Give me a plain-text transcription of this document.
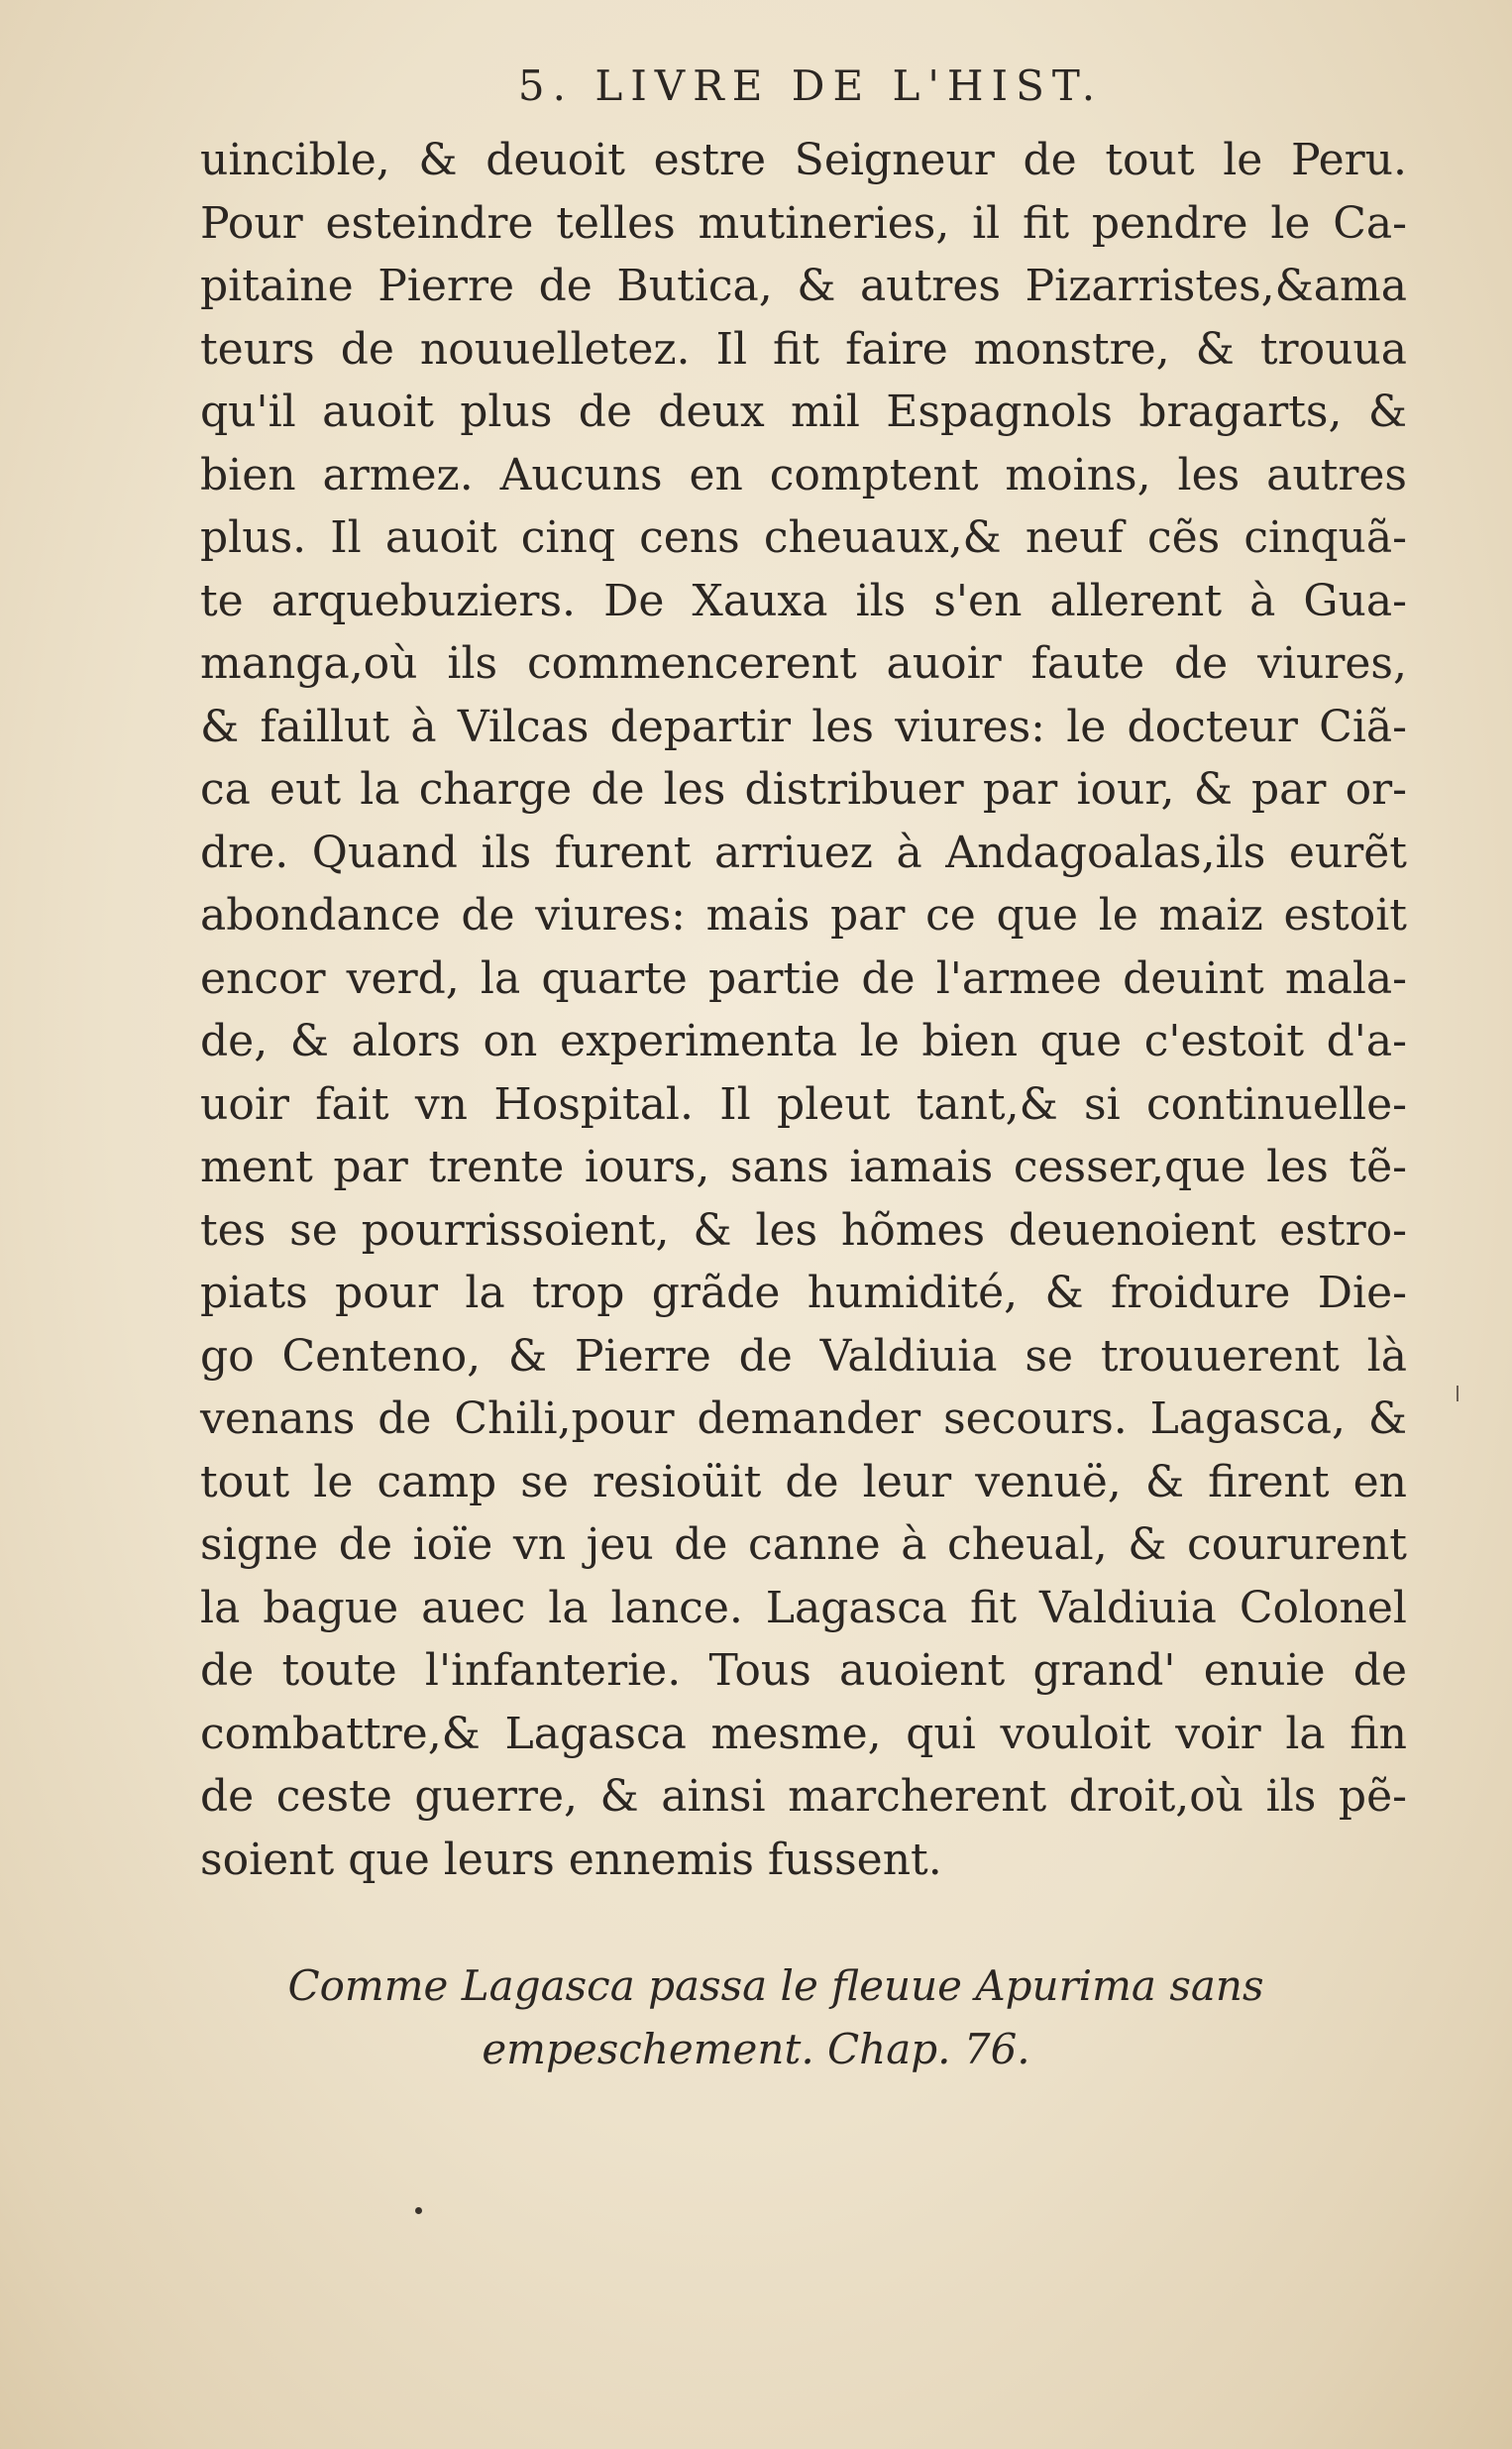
5. LIVRE DE L'HIST.
uincible, & deuoit estre Seigneur de tout le Peru.
Pour esteindre telles mutineries, il fit pendre le Ca-
pitaine Pierre de Butica, & autres Pizarristes,&ama
teurs de nouuelletez. Il fit faire monstre, & trouua
qu'il auoit plus de deux mil Espagnols bragarts, &
bien armez. Aucuns en comptent moins, les autres
plus. Il auoit cinq cens cheuaux,& neuf cẽs cinquã-
te arquebuziers. De Xauxa ils s'en allerent à Gua-
manga,où ils commencerent auoir faute de viures,
& faillut à Vilcas departir les viures: le docteur Ciã-
ca eut la charge de les distribuer par iour, & par or-
dre. Quand ils furent arriuez à Andagoalas,ils eurẽt
abondance de viures: mais par ce que le maiz estoit
encor verd, la quarte partie de l'armee deuint mala-
de, & alors on experimenta le bien que c'estoit d'a-
uoir fait vn Hospital. Il pleut tant,& si continuelle-
ment par trente iours, sans iamais cesser,que les tẽ-
tes se pourrissoient, & les hõmes deuenoient estro-
piats pour la trop grãde humidité, & froidure Die-
go Centeno, & Pierre de Valdiuia se trouuerent là
venans de Chili,pour demander secours. Lagasca, &
tout le camp se resioüit de leur venuë, & firent en
signe de ioïe vn jeu de canne à cheual, & coururent
la bague auec la lance. Lagasca fit Valdiuia Colonel
de toute l'infanterie. Tous auoient grand' enuie de
combattre,& Lagasca mesme, qui vouloit voir la fin
de ceste guerre, & ainsi marcherent droit,où ils pẽ-
soient que leurs ennemis fussent.
Comme Lagasca passa le fleuue Apurima sans
empeschement. Chap. 76.
